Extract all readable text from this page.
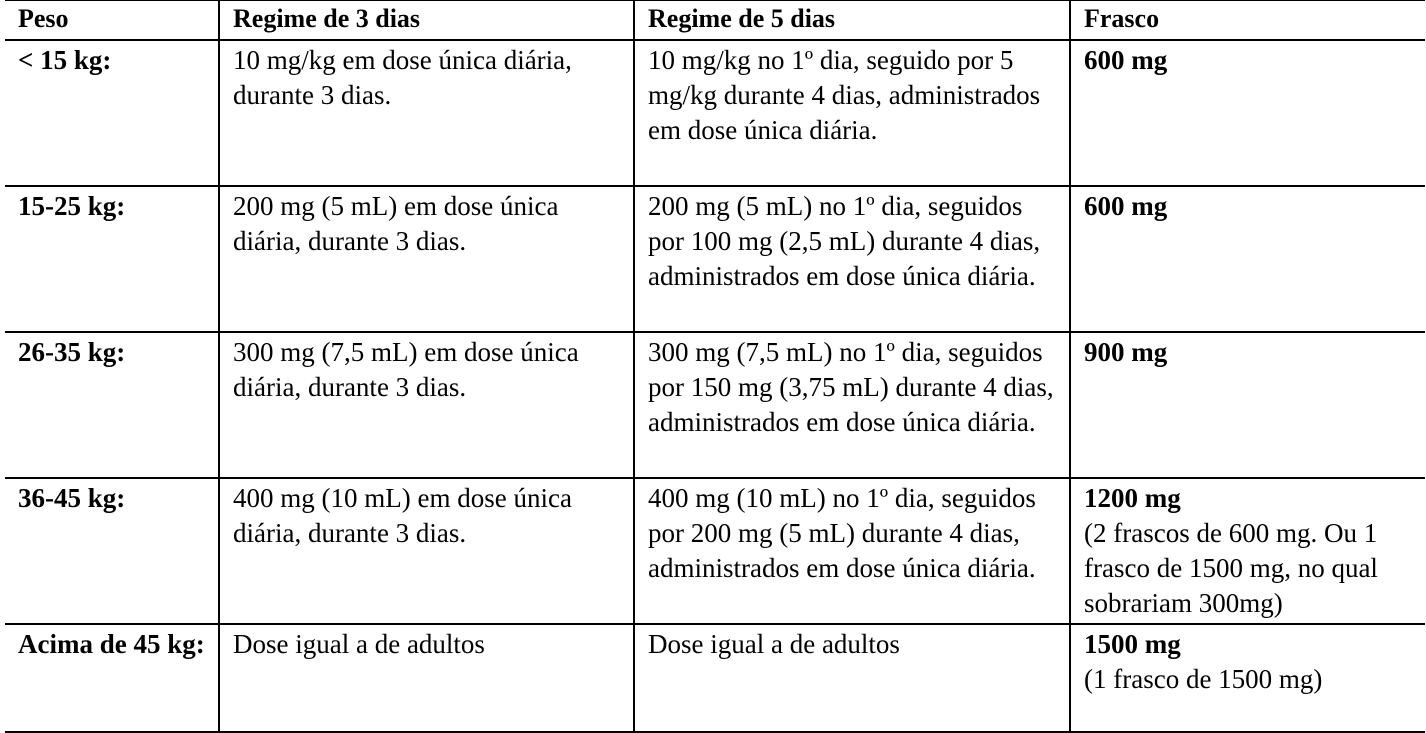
Peso	Regime de 3 dias	Regime de 5 dias	Frasco
< 15 kg:	10 mg/kg em dose única diária, durante 3 dias.	10 mg/kg no 1º dia, seguido por 5 mg/kg durante 4 dias, administrados em dose única diária.	600 mg

15-25 kg:	200 mg (5 mL) em dose única diária, durante 3 dias.	200 mg (5 mL) no 1º dia, seguidos por 100 mg (2,5 mL) durante 4 dias, administrados em dose única diária.	600 mg

26-35 kg:	300 mg (7,5 mL) em dose única diária, durante 3 dias.	300 mg (7,5 mL) no 1º dia, seguidos por 150 mg (3,75 mL) durante 4 dias, administrados em dose única diária.	900 mg

36-45 kg:	400 mg (10 mL) em dose única diária, durante 3 dias.	400 mg (10 mL) no 1º dia, seguidos por 200 mg (5 mL) durante 4 dias, administrados em dose única diária.	1200 mg
(2 frascos de 600 mg. Ou 1 frasco de 1500 mg, no qual sobrariam 300mg)

Acima de 45 kg:	Dose igual a de adultos	Dose igual a de adultos	1500 mg
(1 frasco de 1500 mg)
